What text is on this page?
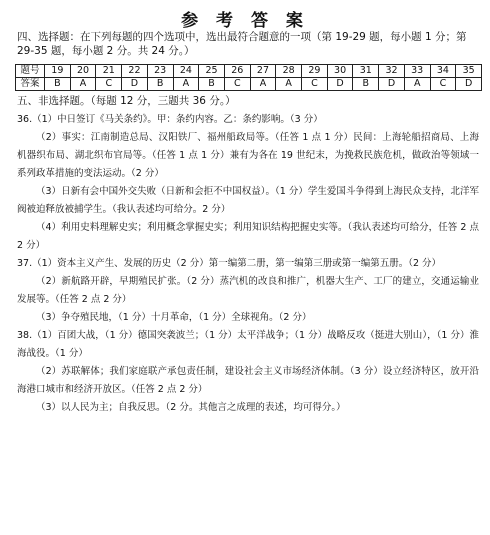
参 考 答 案

四、选择题：在下列每题的四个选项中，选出最符合题意的一项（第 19-29 题，每小题 1 分；第 29-35 题，每小题 2 分。共 24 分。）

题号	19	20	21	22	23	24	25	26	27	28	29	30	31	32	33	34	35
答案	B	A	C	D	B	A	B	C	A	A	C	D	B	D	A	C	D

五、非选择题。（每题 12 分，三题共 36 分。）

36.（1）中日签订《马关条约》。甲：条约内容。乙：条约影响。（3 分）

（2）事实：江南制造总局、汉阳铁厂、福州船政局等。（任答 1 点 1 分）民间：上海轮船招商局、上海机器织布局、湖北织布官局等。（任答 1 点 1 分）兼有为各在 19 世纪末，为挽救民族危机，做政治等领域一系列政革措施的变法运动。（2 分）

（3）日新有会中国外交失败（日新和会拒不中国权益）。（1 分）学生爱国斗争得到上海民众支持，北洋军阀被迫释放被捕学生。（我认表述均可给分。2 分）

（4）利用史料理解史实；利用概念掌握史实；利用知识结构把握史实等。（我认表述均可给分，任答 2 点 2 分）

37.（1）资本主义产生、发展的历史（2 分）第一编第二册，第一编第三册或第一编第五册。（2 分）

（2）新航路开辟，早期殖民扩张。（2 分）蒸汽机的改良和推广，机器大生产、工厂的建立，交通运输业发展等。（任答 2 点 2 分）

（3）争夺殖民地，（1 分）十月革命，（1 分）全球视角。（2 分）

38.（1）百团大战，（1 分）德国突袭波兰；（1 分）太平洋战争；（1 分）战略反攻（挺进大别山），（1 分）淮海战役。（1 分）

（2）苏联解体；我们家庭联产承包责任制，建设社会主义市场经济体制。（3 分）设立经济特区，放开沿海港口城市和经济开放区。（任答 2 点 2 分）

（3）以人民为主；自我反思。（2 分。其他言之成理的表述，均可得分。）
